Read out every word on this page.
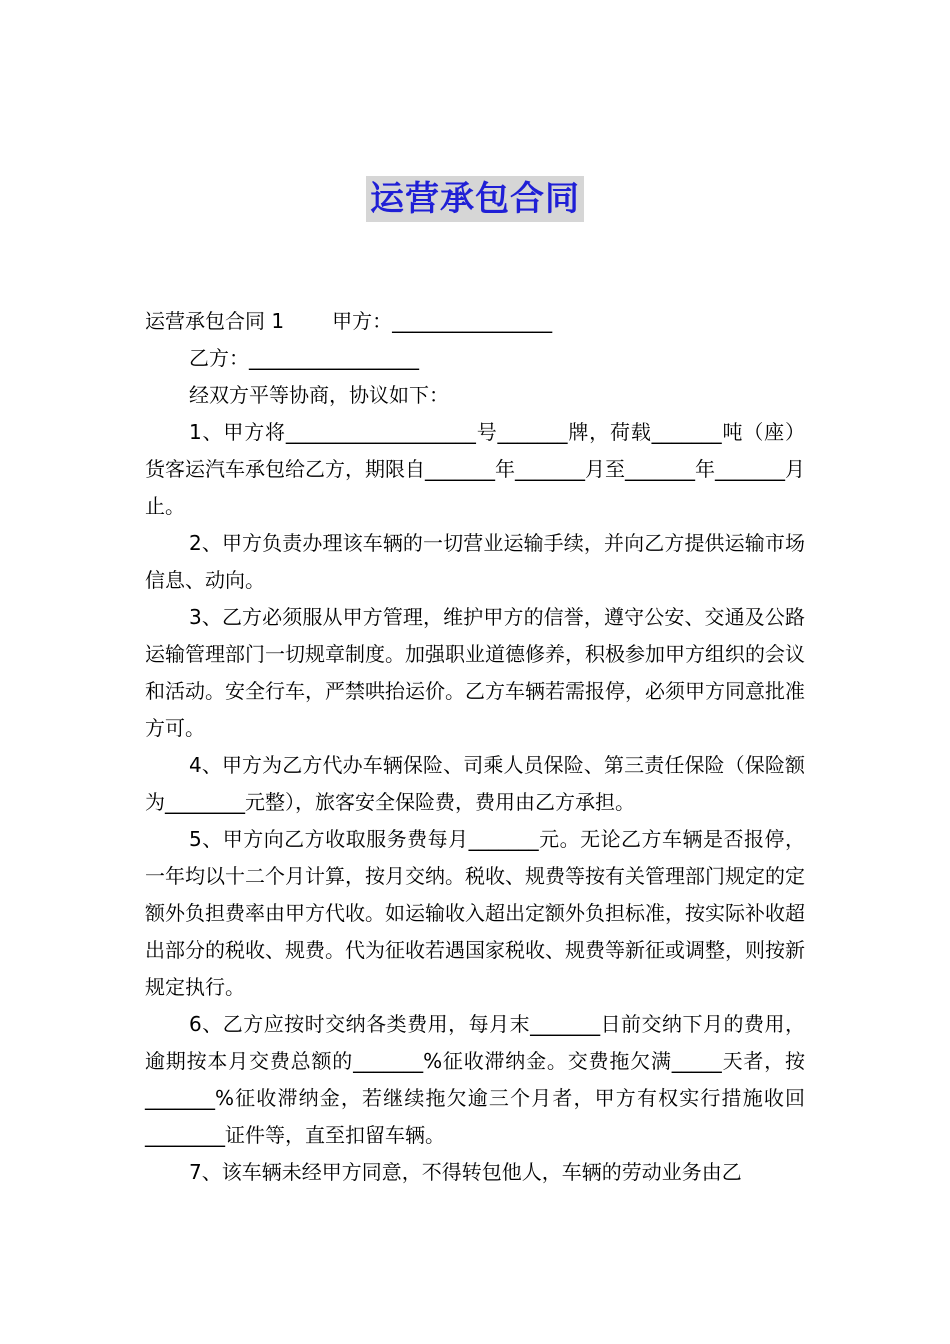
运营承包合同
运营承包合同 1 甲方：________________
乙方：_________________
经双方平等协商，协议如下：

1、甲方将___________________号_______牌，荷载_______吨（座）货客运汽车承包给乙方，期限自_______年_______月至_______年_______月止。

2、甲方负责办理该车辆的一切营业运输手续，并向乙方提供运输市场信息、动向。

3、乙方必须服从甲方管理，维护甲方的信誉，遵守公安、交通及公路运输管理部门一切规章制度。加强职业道德修养，积极参加甲方组织的会议和活动。安全行车，严禁哄抬运价。乙方车辆若需报停，必须甲方同意批准方可。

4、甲方为乙方代办车辆保险、司乘人员保险、第三责任保险（保险额为________元整），旅客安全保险费，费用由乙方承担。

5、甲方向乙方收取服务费每月_______元。无论乙方车辆是否报停，一年均以十二个月计算，按月交纳。税收、规费等按有关管理部门规定的定额外负担费率由甲方代收。如运输收入超出定额外负担标准，按实际补收超出部分的税收、规费。代为征收若遇国家税收、规费等新征或调整，则按新规定执行。

6、乙方应按时交纳各类费用，每月末_______日前交纳下月的费用，逾期按本月交费总额的_______%征收滞纳金。交费拖欠满_____天者，按_______%征收滞纳金，若继续拖欠逾三个月者，甲方有权实行措施收回________证件等，直至扣留车辆。

7、该车辆未经甲方同意，不得转包他人，车辆的劳动业务由乙
